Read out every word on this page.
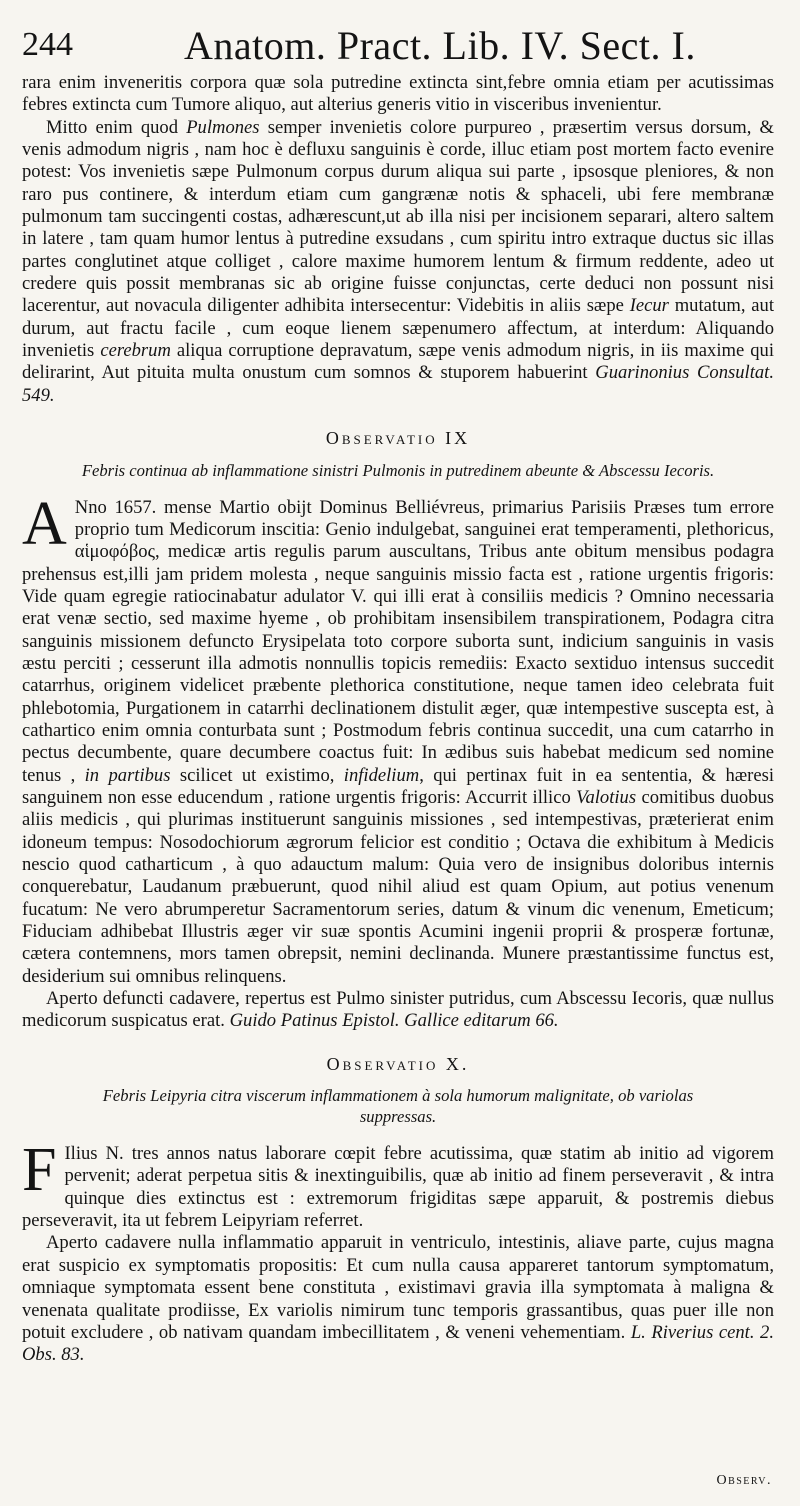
244	Anatom. Pract. Lib. IV. Sect. I.

rara enim inveneritis corpora quæ sola putredine extincta sint,febre omnia etiam per acutissimas febres extincta cum Tumore aliquo, aut alterius generis vitio in visceribus invenientur.

Mitto enim quod Pulmones semper invenietis colore purpureo , præsertim versus dorsum, & venis admodum nigris , nam hoc è defluxu sanguinis è corde, illuc etiam post mortem facto evenire potest: Vos invenietis sæpe Pulmonum corpus durum aliqua sui parte , ipsosque pleniores, & non raro pus continere, & interdum etiam cum gangrænæ notis & sphaceli, ubi fere membranæ pulmonum tam succingenti costas, adhærescunt,ut ab illa nisi per incisionem separari, altero saltem in latere , tam quam humor lentus à putredine exsudans , cum spiritu intro extraque ductus sic illas partes conglutinet atque colliget , calore maxime humorem lentum & firmum reddente, adeo ut credere quis possit membranas sic ab origine fuisse conjunctas, certe deduci non possunt nisi lacerentur, aut novacula diligenter adhibita intersecentur: Videbitis in aliis sæpe Iecur mutatum, aut durum, aut fractu facile , cum eoque lienem sæpenumero affectum, at interdum: Aliquando invenietis cerebrum aliqua corruptione depravatum, sæpe venis admodum nigris, in iis maxime qui delirarint, Aut pituita multa onustum cum somnos & stuporem habuerint Guarinonius Consultat. 549.

Observatio IX
Febris continua ab inflammatione sinistri Pulmonis in putredinem abeunte & Abscessu Iecoris.

A Nno 1657. mense Martio obijt Dominus Belliévreus, primarius Parisiis Præses tum errore proprio tum Medicorum inscitia: Genio indulgebat, sanguinei erat temperamenti, plethoricus, αἱμοφόβος, medicæ artis regulis parum auscultans, Tribus ante obitum mensibus podagra prehensus est,illi jam pridem molesta , neque sanguinis missio facta est , ratione urgentis frigoris: Vide quam egregie ratiocinabatur adulator V. qui illi erat à consiliis medicis ? Omnino necessaria erat venæ sectio, sed maxime hyeme , ob prohibitam insensibilem transpirationem, Podagra citra sanguinis missionem defuncto Erysipelata toto corpore suborta sunt, indicium sanguinis in vasis æstu perciti ; cesserunt illa admotis nonnullis topicis remediis: Exacto sextiduo intensus succedit catarrhus, originem videlicet præbente plethorica constitutione, neque tamen ideo celebrata fuit phlebotomia, Purgationem in catarrhi declinationem distulit æger, quæ intempestive suscepta est, à cathartico enim omnia conturbata sunt ; Postmodum febris continua succedit, una cum catarrho in pectus decumbente, quare decumbere coactus fuit: In ædibus suis habebat medicum sed nomine tenus , in partibus scilicet ut existimo, infidelium, qui pertinax fuit in ea sententia, & hæresi sanguinem non esse educendum , ratione urgentis frigoris: Accurrit illico Valotius comitibus duobus aliis medicis , qui plurimas instituerunt sanguinis missiones , sed intempestivas, præterierat enim idoneum tempus: Nosodochiorum ægrorum felicior est conditio ; Octava die exhibitum à Medicis nescio quod catharticum , à quo adauctum malum: Quia vero de insignibus doloribus internis conquerebatur, Laudanum præbuerunt, quod nihil aliud est quam Opium, aut potius venenum fucatum: Ne vero abrumperetur Sacramentorum series, datum & vinum dic venenum, Emeticum; Fiduciam adhibebat Illustris æger vir suæ spontis Acumini ingenii proprii & prosperæ fortunæ, cætera contemnens, mors tamen obrepsit, nemini declinanda. Munere præstantissime functus est, desiderium sui omnibus relinquens.

Aperto defuncti cadavere, repertus est Pulmo sinister putridus, cum Abscessu Iecoris, quæ nullus medicorum suspicatus erat. Guido Patinus Epistol. Gallice editarum 66.

Observatio X.
Febris Leipyria citra viscerum inflammationem à sola humorum malignitate, ob variolas suppressas.

F Ilius N. tres annos natus laborare cœpit febre acutissima, quæ statim ab initio ad vigorem pervenit; aderat perpetua sitis & inextinguibilis, quæ ab initio ad finem perseveravit , & intra quinque dies extinctus est : extremorum frigiditas sæpe apparuit, & postremis diebus perseveravit, ita ut febrem Leipyriam referret.

Aperto cadavere nulla inflammatio apparuit in ventriculo, intestinis, aliave parte, cujus magna erat suspicio ex symptomatis propositis: Et cum nulla causa appareret tantorum symptomatum, omniaque symptomata essent bene constituta , existimavi gravia illa symptomata à maligna & venenata qualitate prodiisse, Ex variolis nimirum tunc temporis grassantibus, quas puer ille non potuit excludere , ob nativam quandam imbecillitatem , & veneni vehementiam. L. Riverius cent. 2. Obs. 83.

Observ.
